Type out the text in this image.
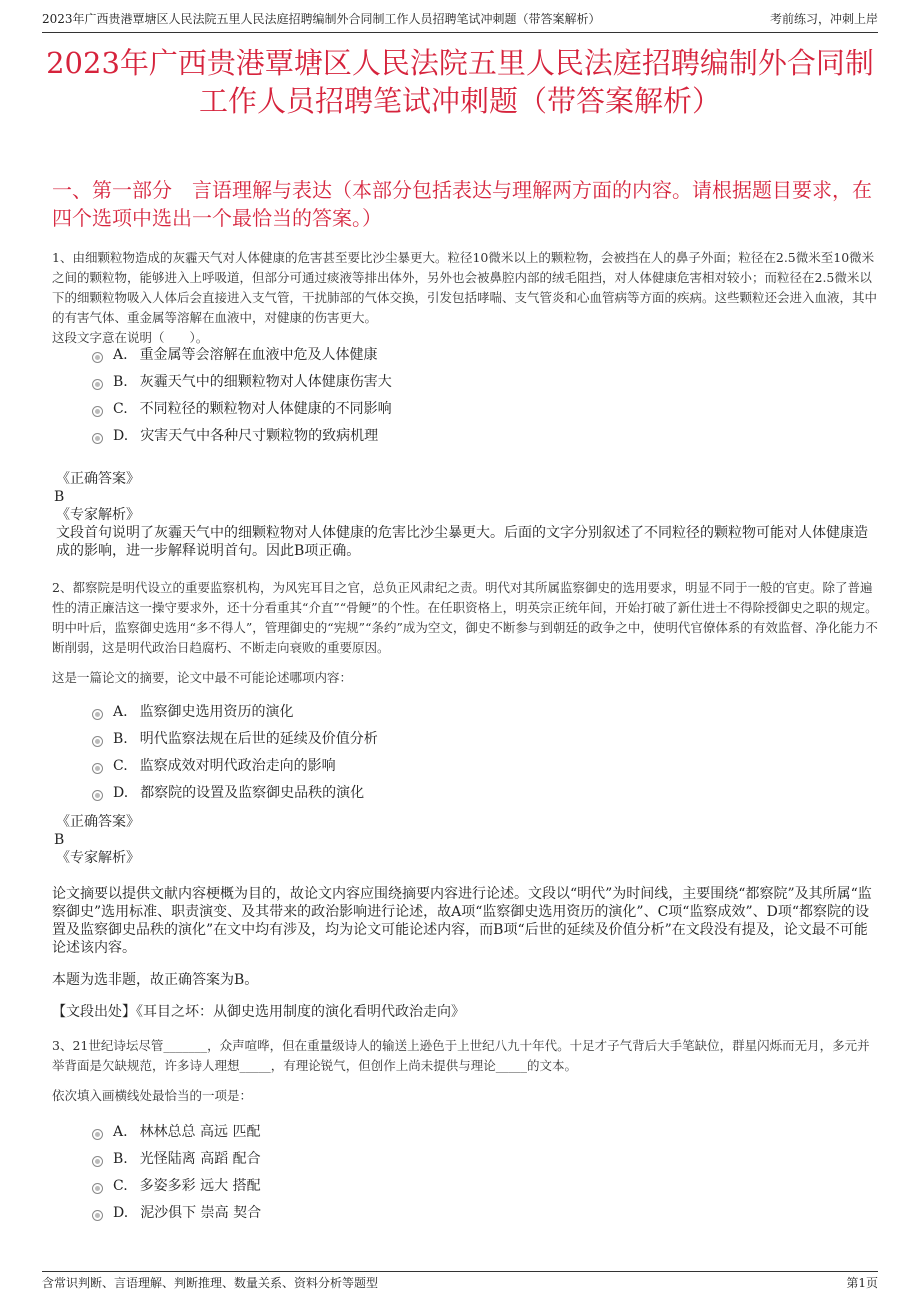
2023年广西贵港覃塘区人民法院五里人民法庭招聘编制外合同制工作人员招聘笔试冲刺题（带答案解析）	考前练习，冲刺上岸
2023年广西贵港覃塘区人民法院五里人民法庭招聘编制外合同制工作人员招聘笔试冲刺题（带答案解析）
一、第一部分　言语理解与表达（本部分包括表达与理解两方面的内容。请根据题目要求，在四个选项中选出一个最恰当的答案。）

1、由细颗粒物造成的灰霾天气对人体健康的危害甚至要比沙尘暴更大。粒径10微米以上的颗粒物，会被挡在人的鼻子外面；粒径在2.5微米至10微米之间的颗粒物，能够进入上呼吸道，但部分可通过痰液等排出体外，另外也会被鼻腔内部的绒毛阻挡，对人体健康危害相对较小；而粒径在2.5微米以下的细颗粒物吸入人体后会直接进入支气管，干扰肺部的气体交换，引发包括哮喘、支气管炎和心血管病等方面的疾病。这些颗粒还会进入血液，其中的有害气体、重金属等溶解在血液中，对健康的伤害更大。

这段文字意在说明（　　）。

A. 重金属等会溶解在血液中危及人体健康
B. 灰霾天气中的细颗粒物对人体健康伤害大
C. 不同粒径的颗粒物对人体健康的不同影响
D. 灾害天气中各种尺寸颗粒物的致病机理

《正确答案》

B

《专家解析》

文段首句说明了灰霾天气中的细颗粒物对人体健康的危害比沙尘暴更大。后面的文字分别叙述了不同粒径的颗粒物可能对人体健康造成的影响，进一步解释说明首句。因此B项正确。

2、都察院是明代设立的重要监察机构，为风宪耳目之官，总负正风肃纪之责。明代对其所属监察御史的选用要求，明显不同于一般的官吏。除了普遍性的清正廉洁这一操守要求外，还十分看重其“介直”“骨鲠”的个性。在任职资格上，明英宗正统年间，开始打破了新仕进士不得除授御史之职的规定。明中叶后，监察御史选用“多不得人”，管理御史的“宪规”“条约”成为空文，御史不断参与到朝廷的政争之中，使明代官僚体系的有效监督、净化能力不断削弱，这是明代政治日趋腐朽、不断走向衰败的重要原因。

这是一篇论文的摘要，论文中最不可能论述哪项内容：
A. 监察御史选用资历的演化
B. 明代监察法规在后世的延续及价值分析
C. 监察成效对明代政治走向的影响
D. 都察院的设置及监察御史品秩的演化

《正确答案》

B

《专家解析》

论文摘要以提供文献内容梗概为目的，故论文内容应围绕摘要内容进行论述。文段以“明代”为时间线，主要围绕“都察院”及其所属“监察御史”选用标准、职责演变、及其带来的政治影响进行论述，故A项“监察御史选用资历的演化”、C项“监察成效”、D项“都察院的设置及监察御史品秩的演化”在文中均有涉及，均为论文可能论述内容，而B项“后世的延续及价值分析”在文段没有提及，论文最不可能论述该内容。

本题为选非题，故正确答案为B。

【文段出处】《耳目之坏：从御史选用制度的演化看明代政治走向》

3、21世纪诗坛尽管_______，众声喧哗，但在重量级诗人的输送上逊色于上世纪八九十年代。十足才子气背后大手笔缺位，群星闪烁而无月，多元并举背面是欠缺规范，许多诗人理想_____，有理论锐气，但创作上尚未提供与理论_____的文本。

依次填入画横线处最恰当的一项是：
A. 林林总总 高远 匹配
B. 光怪陆离 高蹈 配合
C. 多姿多彩 远大 搭配
D. 泥沙俱下 崇高 契合
含常识判断、言语理解、判断推理、数量关系、资料分析等题型	第1页
